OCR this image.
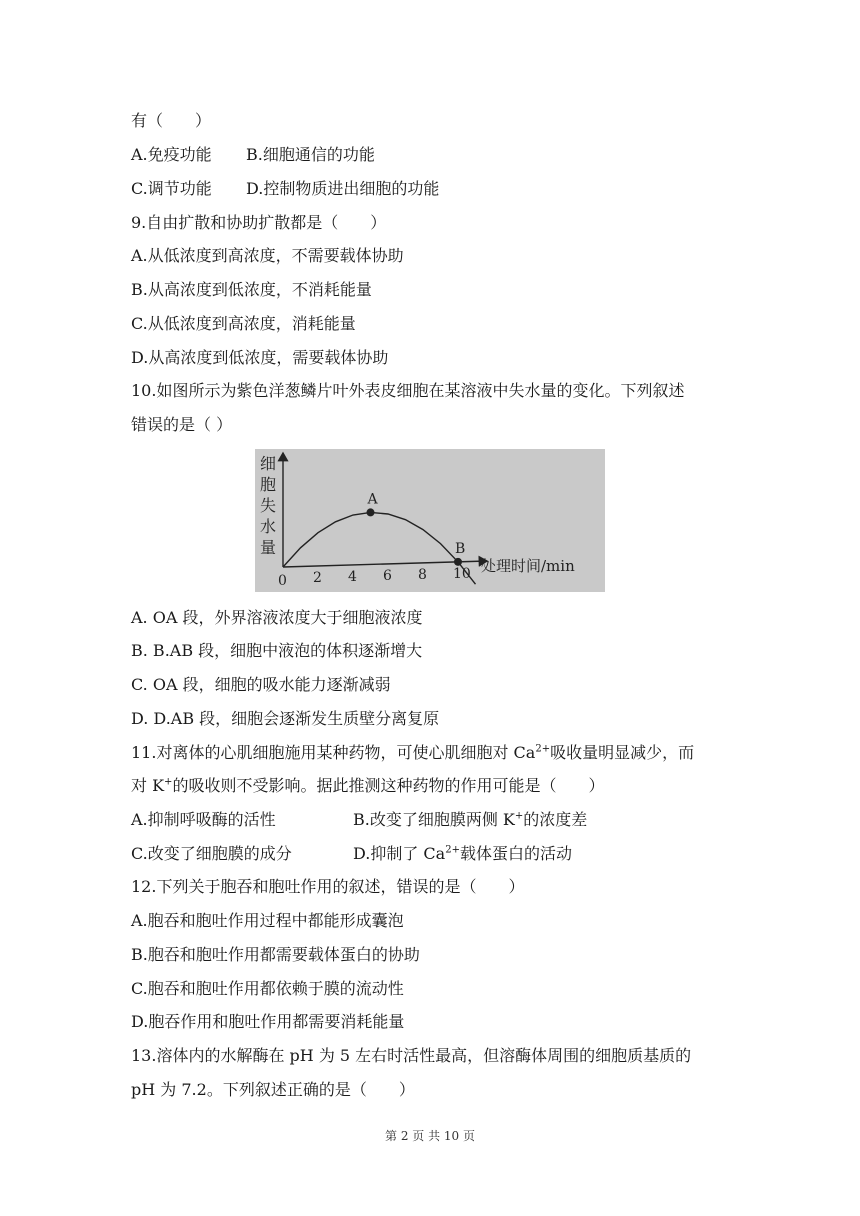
有（　　）
A.免疫功能 B.细胞通信的功能
C.调节功能 D.控制物质进出细胞的功能
9.自由扩散和协助扩散都是（　　）
A.从低浓度到高浓度，不需要载体协助
B.从高浓度到低浓度，不消耗能量
C.从低浓度到高浓度，消耗能量
D.从高浓度到低浓度，需要载体协助
10.如图所示为紫色洋葱鳞片叶外表皮细胞在某溶液中失水量的变化。下列叙述
错误的是（ ）
细
胞
失
水
量
0 2 4 6 8 10
A
B
处理时间/min
A. OA 段，外界溶液浓度大于细胞液浓度
B. B.AB 段，细胞中液泡的体积逐渐增大
C. OA 段，细胞的吸水能力逐渐减弱
D. D.AB 段，细胞会逐渐发生质壁分离复原
11.对离体的心肌细胞施用某种药物，可使心肌细胞对 $Ca^{2+}$吸收量明显减少，而
对 K+的吸收则不受影响。据此推测这种药物的作用可能是（　　）
A.抑制呼吸酶的活性	B.改变了细胞膜两侧 K+的浓度差
C.改变了细胞膜的成分	D.抑制了 $Ca^{2+}$载体蛋白的活动
12.下列关于胞吞和胞吐作用的叙述，错误的是（　　）
A.胞吞和胞吐作用过程中都能形成囊泡
B.胞吞和胞吐作用都需要载体蛋白的协助
C.胞吞和胞吐作用都依赖于膜的流动性
D.胞吞作用和胞吐作用都需要消耗能量
13.溶体内的水解酶在 pH 为 5 左右时活性最高，但溶酶体周围的细胞质基质的
pH 为 7.2。下列叙述正确的是（　　）
第 2 页 共 10 页
